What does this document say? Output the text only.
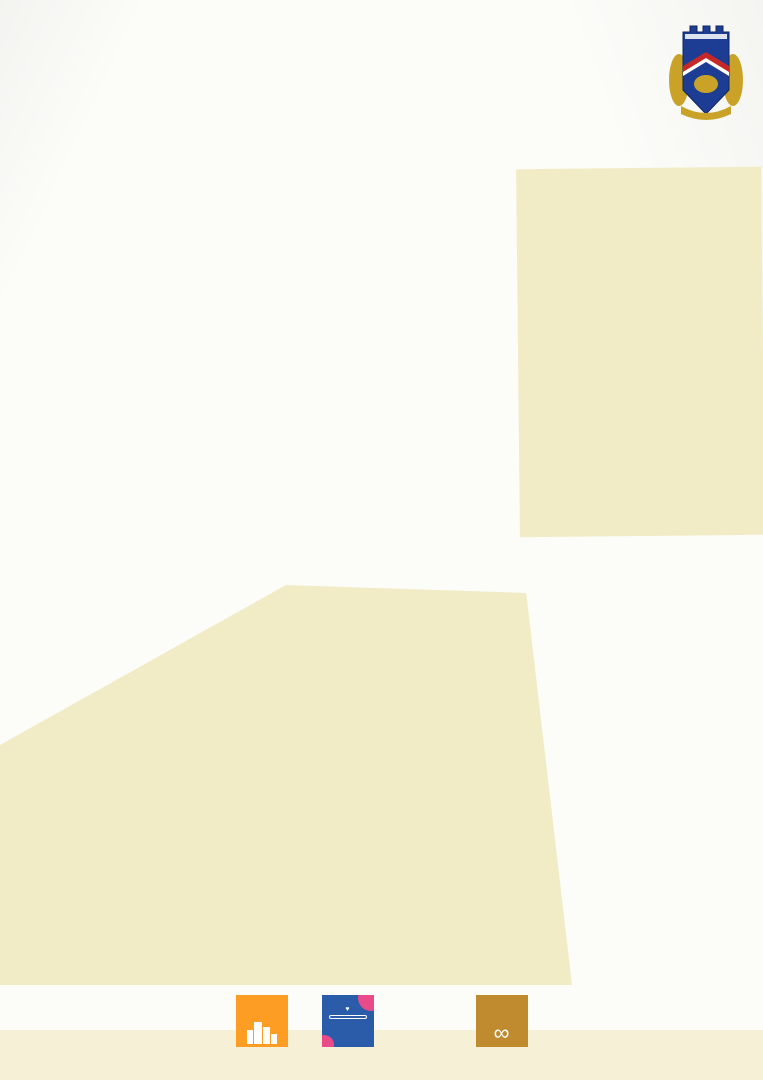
♥
∞
